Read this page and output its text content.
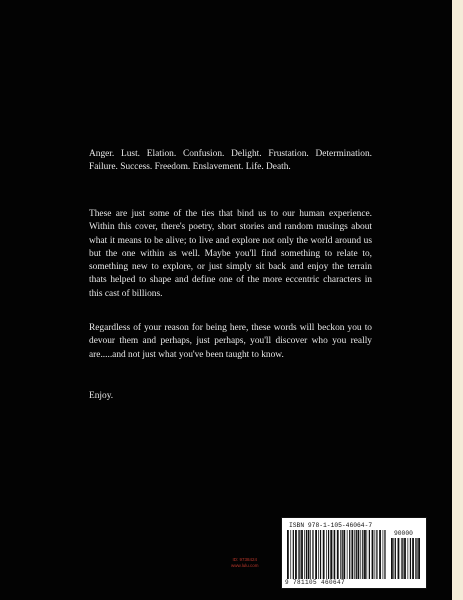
Anger. Lust. Elation. Confusion. Delight. Frustation. Determination. Failure. Success. Freedom. Enslavement. Life. Death.

These are just some of the ties that bind us to our human experience. Within this cover, there's poetry, short stories and random musings about what it means to be alive; to live and explore not only the world around us but the one within as well. Maybe you'll find something to relate to, something new to explore, or just simply sit back and enjoy the terrain thats helped to shape and define one of the more eccentric characters in this cast of billions.

Regardless of your reason for being here, these words will beckon you to devour them and perhaps, just perhaps, you'll discover who you really are.....and not just what you've been taught to know.

Enjoy.

ID: 9738424
www.lulu.com
ISBN 978-1-105-46064-7
90000
9 781105 460647
